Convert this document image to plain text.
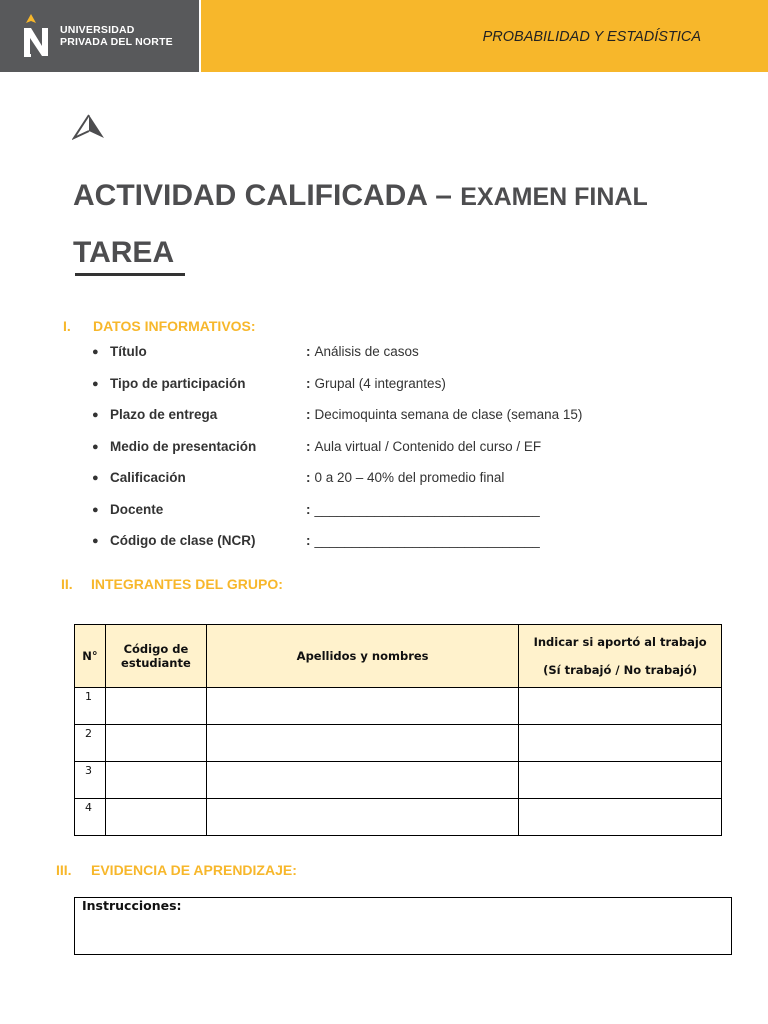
UNIVERSIDAD
PRIVADA DEL NORTE	PROBABILIDAD Y ESTADÍSTICA
ACTIVIDAD CALIFICADA – EXAMEN FINAL
TAREA
I. DATOS INFORMATIVOS:
● Título	: Análisis de casos
● Tipo de participación	: Grupal (4 integrantes)
● Plazo de entrega	: Decimoquinta semana de clase (semana 15)
● Medio de presentación	: Aula virtual / Contenido del curso / EF
● Calificación	: 0 a 20 – 40% del promedio final
● Docente	: ______________________________
● Código de clase (NCR)	: ______________________________
II. INTEGRANTES DEL GRUPO:
N°	Código de estudiante	Apellidos y nombres	Indicar si aportó al trabajo
(Sí trabajó / No trabajó)
1			
2			
3			
4			
III. EVIDENCIA DE APRENDIZAJE:
Instrucciones:
